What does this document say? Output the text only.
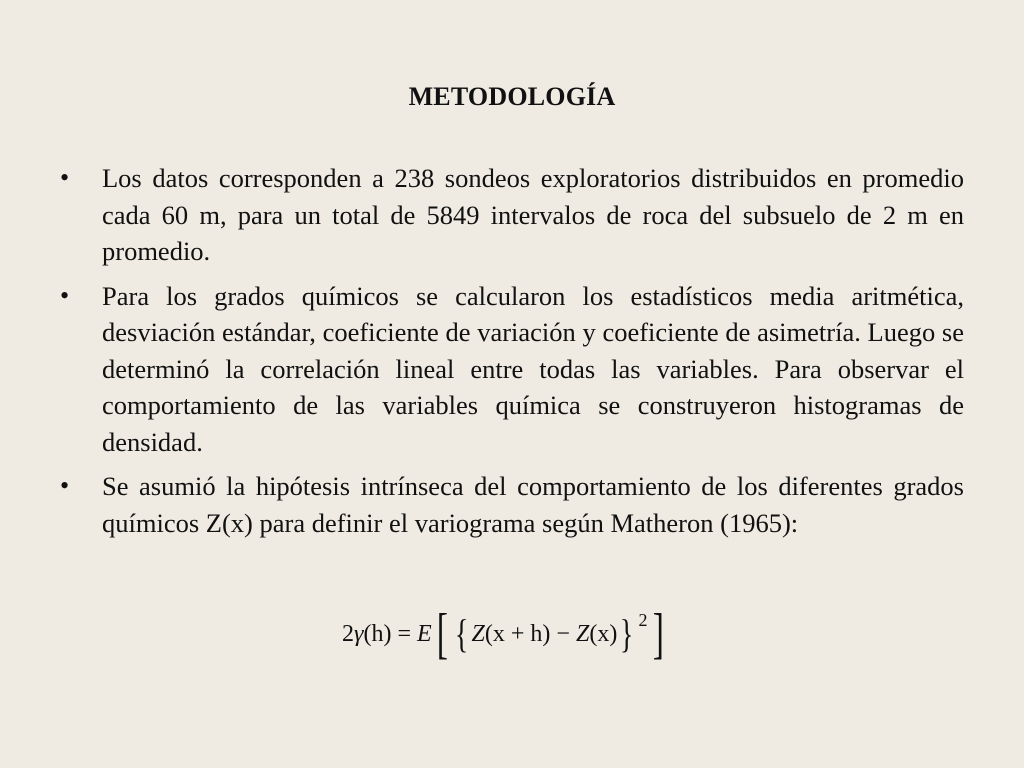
METODOLOGÍA
• Los datos corresponden a 238 sondeos exploratorios distribuidos en promedio cada 60 m, para un total de 5849 intervalos de roca del subsuelo de 2 m en promedio.
• Para los grados químicos se calcularon los estadísticos media aritmética, desviación estándar, coeficiente de variación y coeficiente de asimetría. Luego se determinó la correlación lineal entre todas las variables. Para observar el comportamiento de las variables química se construyeron histogramas de densidad.
• Se asumió la hipótesis intrínseca del comportamiento de los diferentes grados químicos Z(x) para definir el variograma según Matheron (1965):
2 γ (h) = E [ { Z (x + h) − Z (x) } 2 ]
